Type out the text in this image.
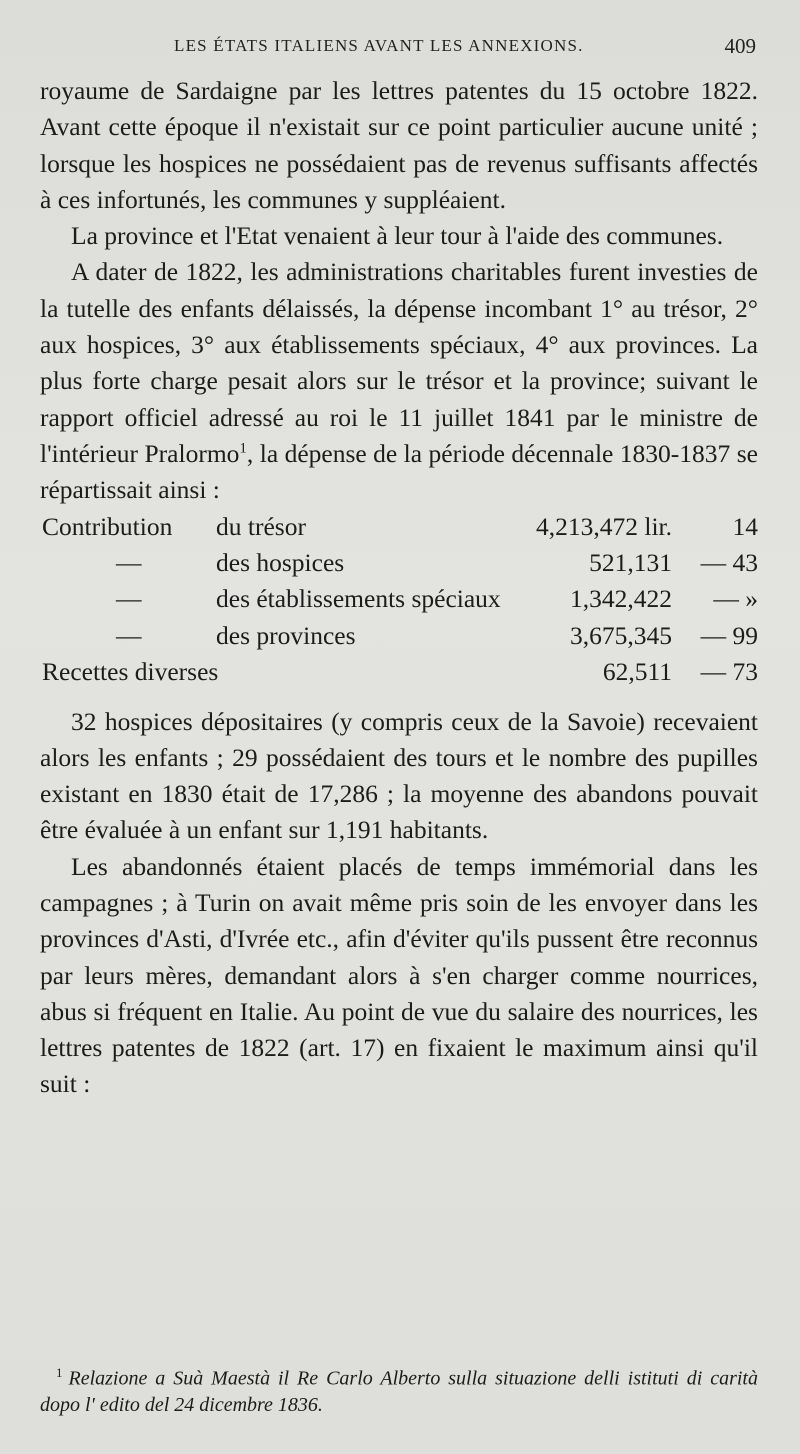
LES ÉTATS ITALIENS AVANT LES ANNEXIONS.	409

royaume de Sardaigne par les lettres patentes du 15 octobre 1822. Avant cette époque il n'existait sur ce point particulier aucune unité ; lorsque les hospices ne possédaient pas de revenus suffisants affectés à ces infortunés, les communes y suppléaient.

La province et l'Etat venaient à leur tour à l'aide des communes.

A dater de 1822, les administrations charitables furent investies de la tutelle des enfants délaissés, la dépense incombant 1° au trésor, 2° aux hospices, 3° aux établissements spéciaux, 4° aux provinces. La plus forte charge pesait alors sur le trésor et la province; suivant le rapport officiel adressé au roi le 11 juillet 1841 par le ministre de l'intérieur Pralormo$^1$, la dépense de la période décennale 1830-1837 se répartissait ainsi :

Contribution du trésor	4,213,472 lir. 14
—	des hospices	521,131 — 43
—	des établissements spéciaux	1,342,422 — »
—	des provinces	3,675,345 — 99
Recettes diverses	62,511 — 73

32 hospices dépositaires (y compris ceux de la Savoie) recevaient alors les enfants ; 29 possédaient des tours et le nombre des pupilles existant en 1830 était de 17,286 ; la moyenne des abandons pouvait être évaluée à un enfant sur 1,191 habitants.

Les abandonnés étaient placés de temps immémorial dans les campagnes ; à Turin on avait même pris soin de les envoyer dans les provinces d'Asti, d'Ivrée etc., afin d'éviter qu'ils pussent être reconnus par leurs mères, demandant alors à s'en charger comme nourrices, abus si fréquent en Italie. Au point de vue du salaire des nourrices, les lettres patentes de 1822 (art. 17) en fixaient le maximum ainsi qu'il suit :

$^1$ Relazione a Suà Maestà il Re Carlo Alberto sulla situazione delli istituti di carità dopo l' edito del 24 dicembre 1836.
